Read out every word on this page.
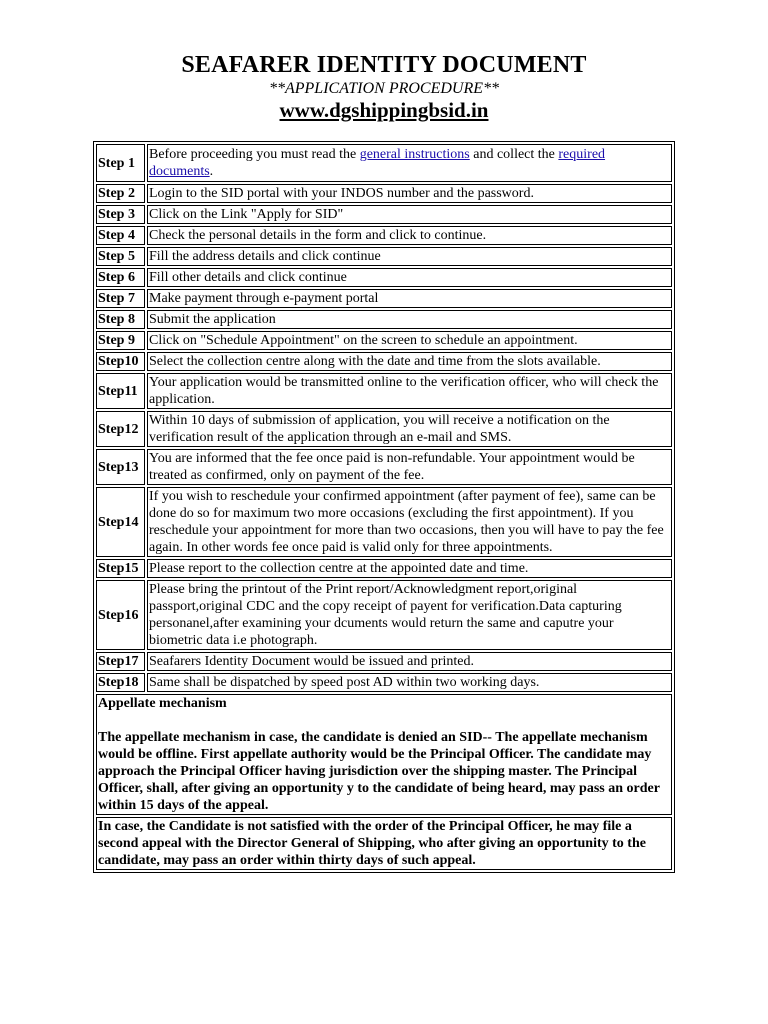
SEAFARER IDENTITY DOCUMENT
**APPLICATION PROCEDURE**
www.dgshippingbsid.in
Step 1	Before proceeding you must read the general instructions and collect the required documents.
Step 2	Login to the SID portal with your INDOS number and the password.
Step 3	Click on the Link "Apply for SID"
Step 4	Check the personal details in the form and click to continue.
Step 5	Fill the address details and click continue
Step 6	Fill other details and click continue
Step 7	Make payment through e-payment portal
Step 8	Submit the application
Step 9	Click on "Schedule Appointment" on the screen to schedule an appointment.
Step10	Select the collection centre along with the date and time from the slots available.
Step11	Your application would be transmitted online to the verification officer, who will check the application.
Step12	Within 10 days of submission of application, you will receive a notification on the verification result of the application through an e-mail and SMS.
Step13	You are informed that the fee once paid is non-refundable. Your appointment would be treated as confirmed, only on payment of the fee.
Step14	If you wish to reschedule your confirmed appointment (after payment of fee), same can be done do so for maximum two more occasions (excluding the first appointment). If you reschedule your appointment for more than two occasions, then you will have to pay the fee again. In other words fee once paid is valid only for three appointments.
Step15	Please report to the collection centre at the appointed date and time.
Step16	Please bring the printout of the Print report/Acknowledgment report,original passport,original CDC and the copy receipt of payent for verification.Data capturing personanel,after examining your dcuments would return the same and caputre your biometric data i.e photograph.
Step17	Seafarers Identity Document would be issued and printed.
Step18	Same shall be dispatched by speed post AD within two working days.

Appellate mechanism

The appellate mechanism in case, the candidate is denied an SID-- The appellate mechanism would be offline. First appellate authority would be the Principal Officer. The candidate may approach the Principal Officer having jurisdiction over the shipping master. The Principal Officer, shall, after giving an opportunity y to the candidate of being heard, may pass an order within 15 days of the appeal.	

In case, the Candidate is not satisfied with the order of the Principal Officer, he may file a second appeal with the Director General of Shipping, who after giving an opportunity to the candidate, may pass an order within thirty days of such appeal.	
